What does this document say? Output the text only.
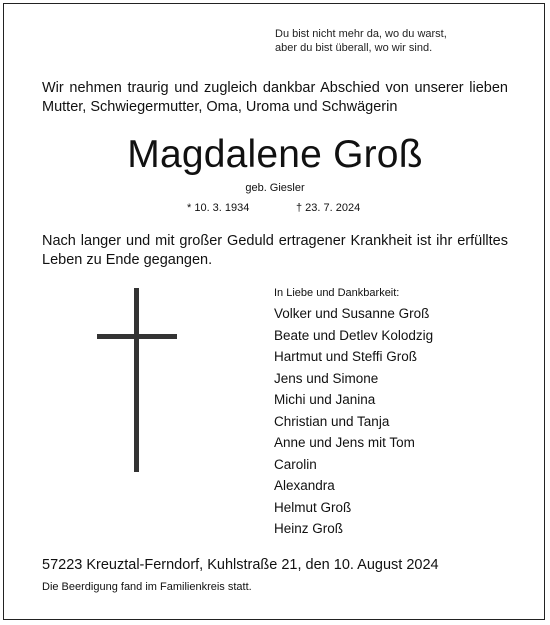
Du bist nicht mehr da, wo du warst,
aber du bist überall, wo wir sind.
Wir nehmen traurig und zugleich dankbar Abschied von unserer lieben Mutter, Schwiegermutter, Oma, Uroma und Schwägerin
Magdalene Groß
geb. Giesler
* 10. 3. 1934	† 23. 7. 2024
Nach langer und mit großer Geduld ertragener Krankheit ist ihr erfülltes Leben zu Ende gegangen.
In Liebe und Dankbarkeit:
Volker und Susanne Groß
Beate und Detlev Kolodzig
Hartmut und Steffi Groß
Jens und Simone
Michi und Janina
Christian und Tanja
Anne und Jens mit Tom
Carolin
Alexandra
Helmut Groß
Heinz Groß
57223 Kreuztal-Ferndorf, Kuhlstraße 21, den 10. August 2024
Die Beerdigung fand im Familienkreis statt.
